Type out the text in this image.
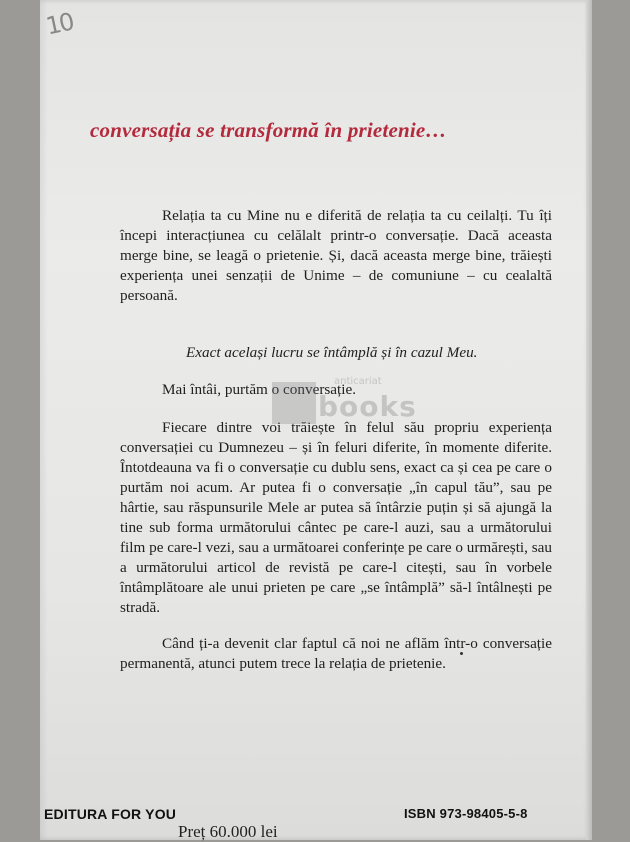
10
conversația se transformă în prietenie…

Relația ta cu Mine nu e diferită de relația ta cu ceilalți. Tu îți începi interacțiunea cu celălalt printr-o conversație. Dacă aceasta merge bine, se leagă o prietenie. Și, dacă aceasta merge bine, trăiești experiența unei senzații de Unime – de comuniune – cu cealaltă persoană.

Exact același lucru se întâmplă și în cazul Meu.

Mai întâi, purtăm o conversație.

Fiecare dintre voi trăiește în felul său propriu experiența conversației cu Dumnezeu – și în feluri diferite, în momente diferite. Întotdeauna va fi o conversație cu dublu sens, exact ca și cea pe care o purtăm noi acum. Ar putea fi o conversație „în capul tău”, sau pe hârtie, sau răspunsurile Mele ar putea să întârzie puțin și să ajungă la tine sub forma următorului cântec pe care-l auzi, sau a următorului film pe care-l vezi, sau a următoarei conferințe pe care o urmărești, sau a următorului articol de revistă pe care-l citești, sau în vorbele întâmplătoare ale unui prieten pe care „se întâmplă” să-l întâlnești pe stradă.

Când ți-a devenit clar faptul că noi ne aflăm într-o conversație permanentă, atunci putem trece la relația de prietenie.

anticariat
books
EDITURA FOR YOU	ISBN 973-98405-5-8
Preț 60.000 lei
